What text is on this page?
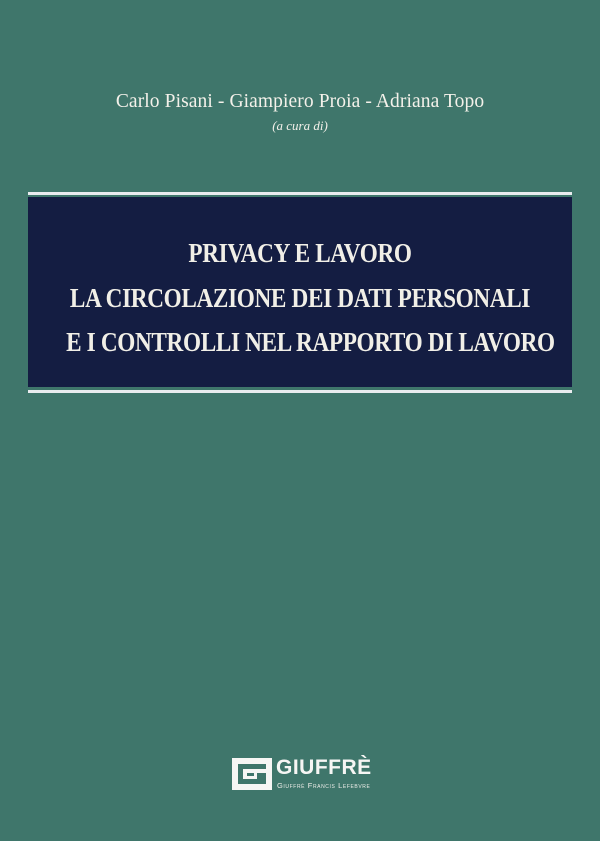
Carlo Pisani - Giampiero Proia - Adriana Topo
(a cura di)
PRIVACY E LAVORO
LA CIRCOLAZIONE DEI DATI PERSONALI
E I CONTROLLI NEL RAPPORTO DI LAVORO
GIUFFRÈ
Giuffrè Francis Lefebvre
